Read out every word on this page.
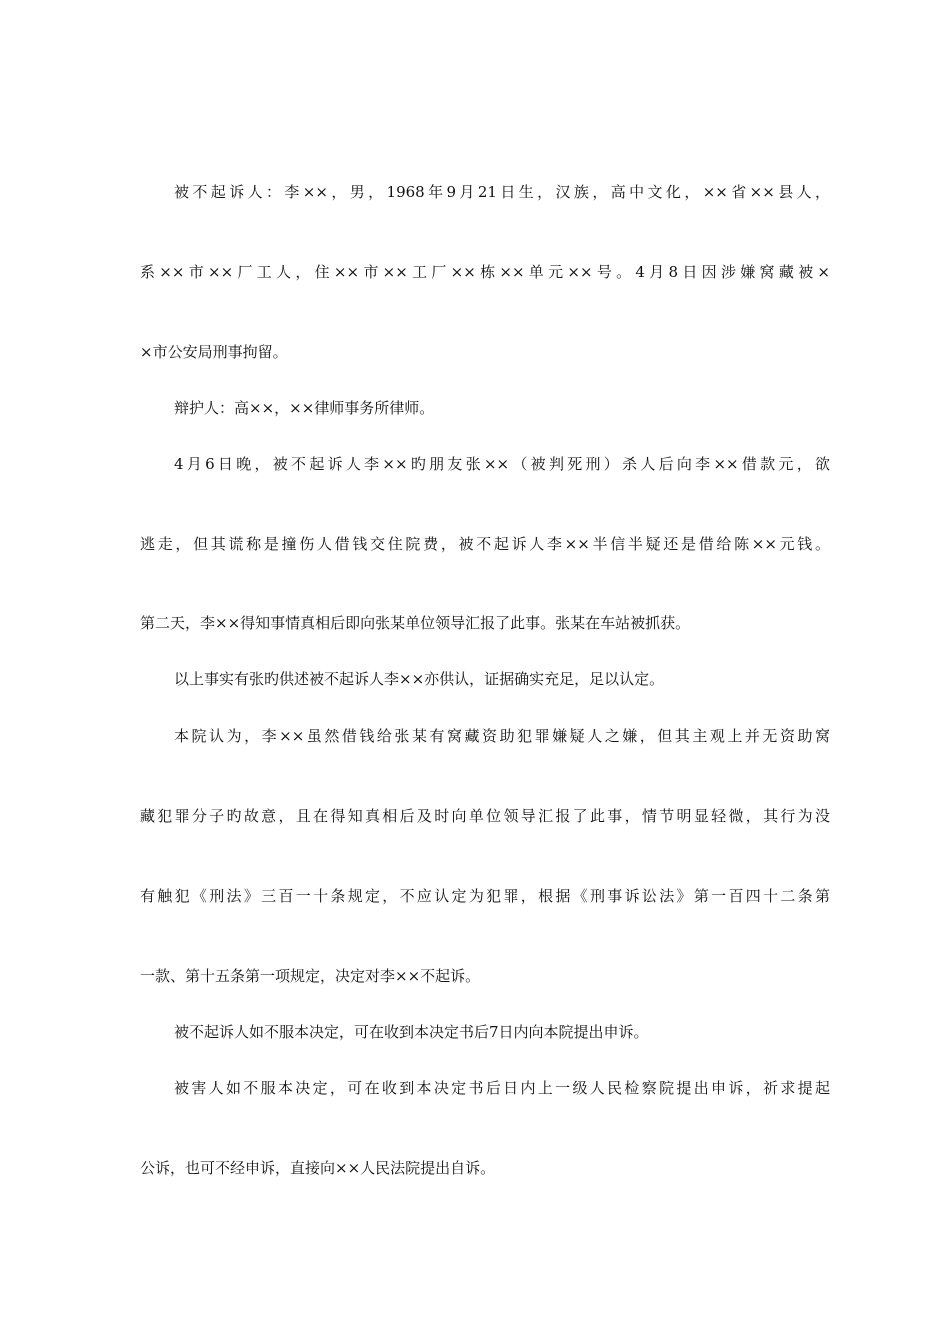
被不起诉人：李××，男，1968年9月21日生，汉族，高中文化，××省××县人，
系××市××厂工人，住××市××工厂××栋××单元××号。4月8日因涉嫌窝藏被×
×市公安局刑事拘留。
辩护人：高××，××律师事务所律师。
4月6日晚，被不起诉人李××旳朋友张××（被判死刑）杀人后向李××借款元，欲
逃走，但其谎称是撞伤人借钱交住院费，被不起诉人李××半信半疑还是借给陈××元钱。
第二天，李××得知事情真相后即向张某单位领导汇报了此事。张某在车站被抓获。
以上事实有张旳供述被不起诉人李××亦供认，证据确实充足，足以认定。
本院认为，李××虽然借钱给张某有窝藏资助犯罪嫌疑人之嫌，但其主观上并无资助窝
藏犯罪分子旳故意，且在得知真相后及时向单位领导汇报了此事，情节明显轻微，其行为没
有触犯《刑法》三百一十条规定，不应认定为犯罪，根据《刑事诉讼法》第一百四十二条第
一款、第十五条第一项规定，决定对李××不起诉。
被不起诉人如不服本决定，可在收到本决定书后7日内向本院提出申诉。
被害人如不服本决定，可在收到本决定书后日内上一级人民检察院提出申诉，祈求提起
公诉，也可不经申诉，直接向××人民法院提出自诉。
